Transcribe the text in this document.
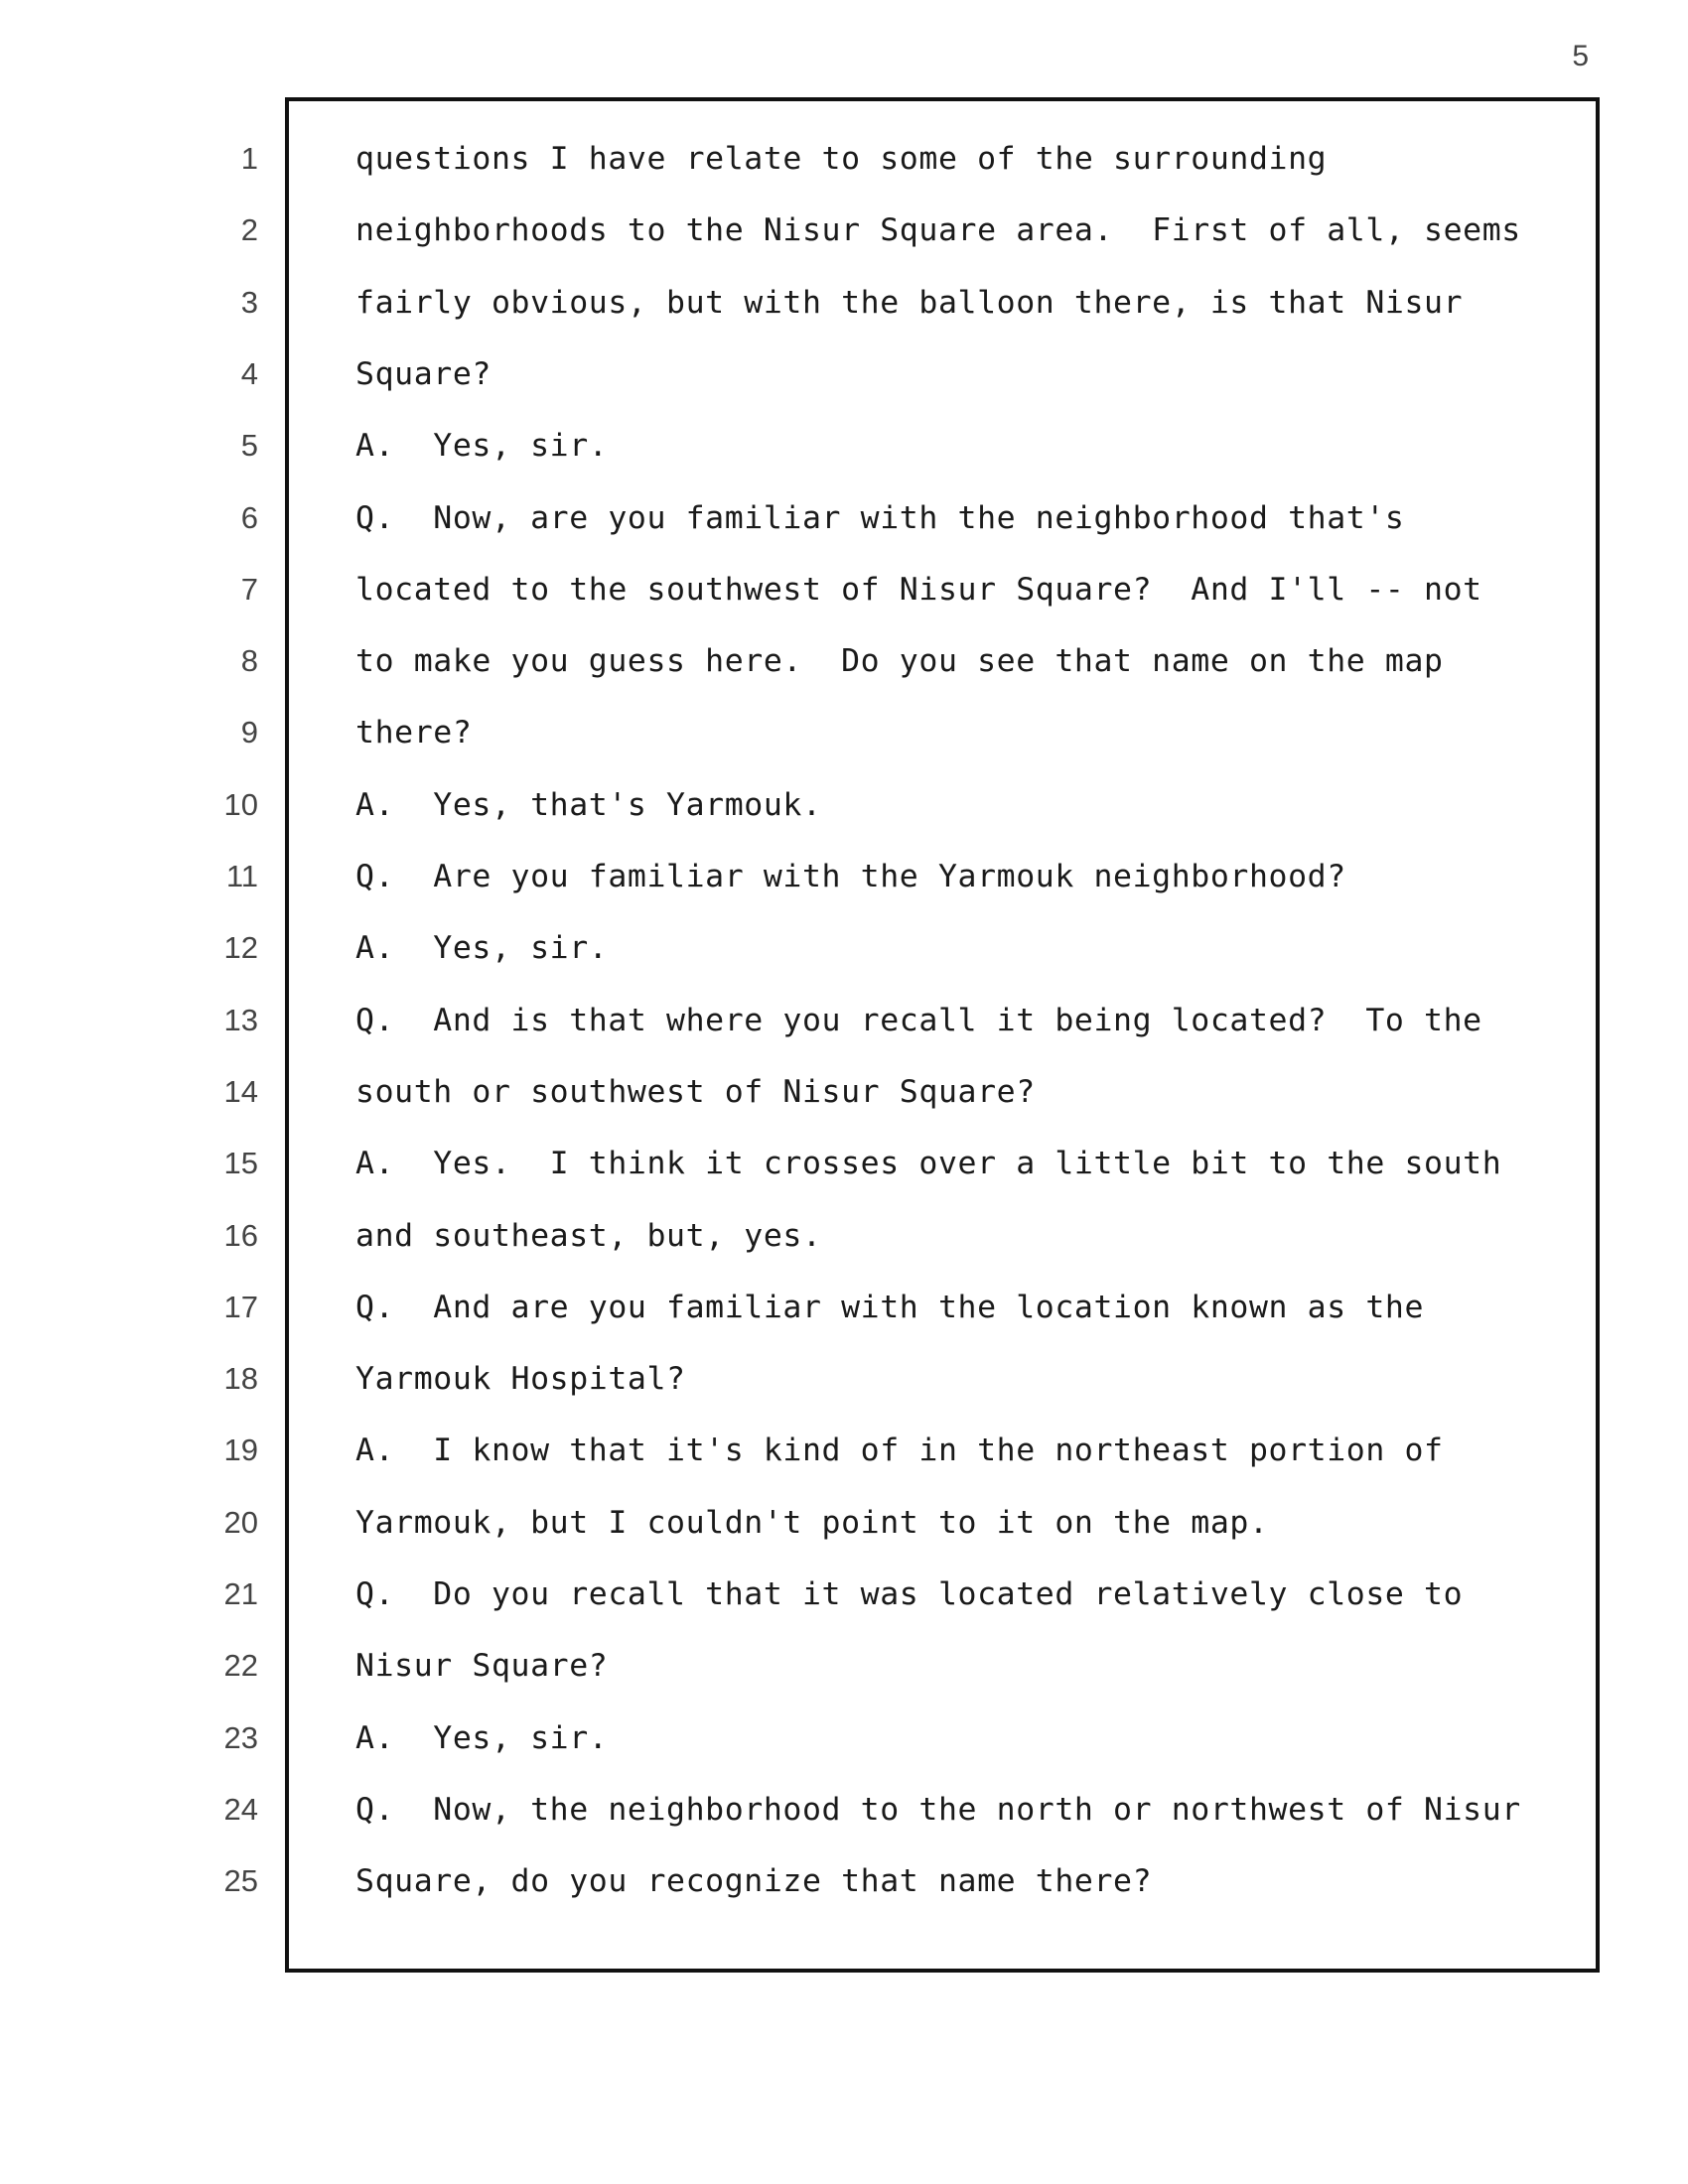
5
1
2
3
4
5
6
7
8
9
10
11
12
13
14
15
16
17
18
19
20
21
22
23
24
25
questions I have relate to some of the surrounding
neighborhoods to the Nisur Square area.  First of all, seems
fairly obvious, but with the balloon there, is that Nisur
Square?
A.  Yes, sir.
Q.  Now, are you familiar with the neighborhood that's
located to the southwest of Nisur Square?  And I'll -- not
to make you guess here.  Do you see that name on the map
there?
A.  Yes, that's Yarmouk.
Q.  Are you familiar with the Yarmouk neighborhood?
A.  Yes, sir.
Q.  And is that where you recall it being located?  To the
south or southwest of Nisur Square?
A.  Yes.  I think it crosses over a little bit to the south
and southeast, but, yes.
Q.  And are you familiar with the location known as the
Yarmouk Hospital?
A.  I know that it's kind of in the northeast portion of
Yarmouk, but I couldn't point to it on the map.
Q.  Do you recall that it was located relatively close to
Nisur Square?
A.  Yes, sir.
Q.  Now, the neighborhood to the north or northwest of Nisur
Square, do you recognize that name there?
